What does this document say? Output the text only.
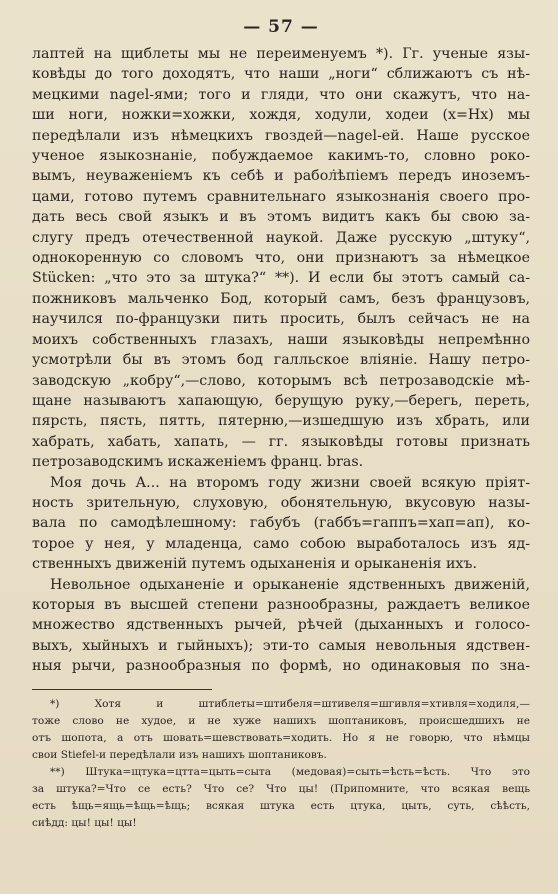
— 57 —
лаптей на щиблеты мы не переименуемъ *). Гг. ученые язы-
ковѣды до того доходятъ, что наши „ноги“ сближаютъ съ нѣ-
мецкими nagel-ями; того и гляди, что они скажутъ, что на-
ши ноги, ножки=хожки, хождя, ходули, ходеи (x=Hx) мы
передѣлали изъ нѣмецкихъ гвоздей—nagel-ей. Наше русское
ученое языкознаніе, побуждаемое какимъ-то, словно роко-
вымъ, неуваженіемъ къ себѣ и рабол̇ѣпіемъ передъ иноземъ-
цами, готово путемъ сравнительнаго языкознанія своего про-
дать весь свой языкъ и въ этомъ видитъ какъ бы свою за-
слугу предъ отечественной наукой. Даже русскую „штуку“,
однокоренную со словомъ что, они признаютъ за нѣмецкое
Stücken: „что это за штука?“ **). И если бы этотъ самый са-
пожниковъ мальченко Бод, который самъ, безъ французовъ,
научился по-французки пить просить, былъ сейчасъ не на
моихъ собственныхъ глазахъ, наши языковѣды непремѣнно
усмотрѣли бы въ этомъ бод галльское вліяніе. Нашу петро-
заводскую „кобру“,—слово, которымъ всѣ петрозаводскіе мѣ-
щане называютъ хапающую, берущую руку,—берегь, переть,
пярсть, пясть, пятть, пятерню,—изшедшую изъ хбрать, или
хабрать, хабать, хапать, — гг. языковѣды готовы признать
петрозаводскимъ искаженіемъ франц. bras.
Моя дочь А... на второмъ году жизни своей всякую пріят-
ность зрительную, слуховую, обонятельную, вкусовую назы-
вала по самодѣлешному: габубъ (габбъ=гаппъ=хап=ап), ко-
торое у нея, у младенца, само собою выработалось изъ яд-
ственныхъ движеній путемъ одыханенія и орыканенія ихъ.
Невольное одыханеніе и орыканеніе ядственныхъ движеній,
которыя въ высшей степени разнообразны, раждаетъ великое
множество ядственныхъ рычей, рѣчей (дыханныхъ и голосо-
выхъ, хыйныхъ и гыйныхъ); эти-то самыя невольныя ядствен-
ныя рычи, разнообразныя по формѣ, но одинаковыя по зна-
*) Хотя и штиблеты=штибеля=штивеля=шгивля=хтивля=ходиля,—
тоже слово не худое, и не хуже нашихъ шоптаниковъ, происшедшихъ не
отъ шопота, а отъ шовать=шевствовать=ходить. Но я не говорю, что нѣмцы
свои Stiefel-и передѣлали изъ нашихъ шоптаниковъ.
**) Штука=щтука=цтта=цыть=сыта (медовая)=сыть=ѣсть=ѣсть. Что это
за штука?=Что се есть? Что се? Что цы! (Припомните, что всякая вещь
есть ѣщь=ящь=ѣщь=ѣщь; всякая штука есть цтука, цыть, суть, сѣѣсть,
сиѣдд: цы! цы! цы!
